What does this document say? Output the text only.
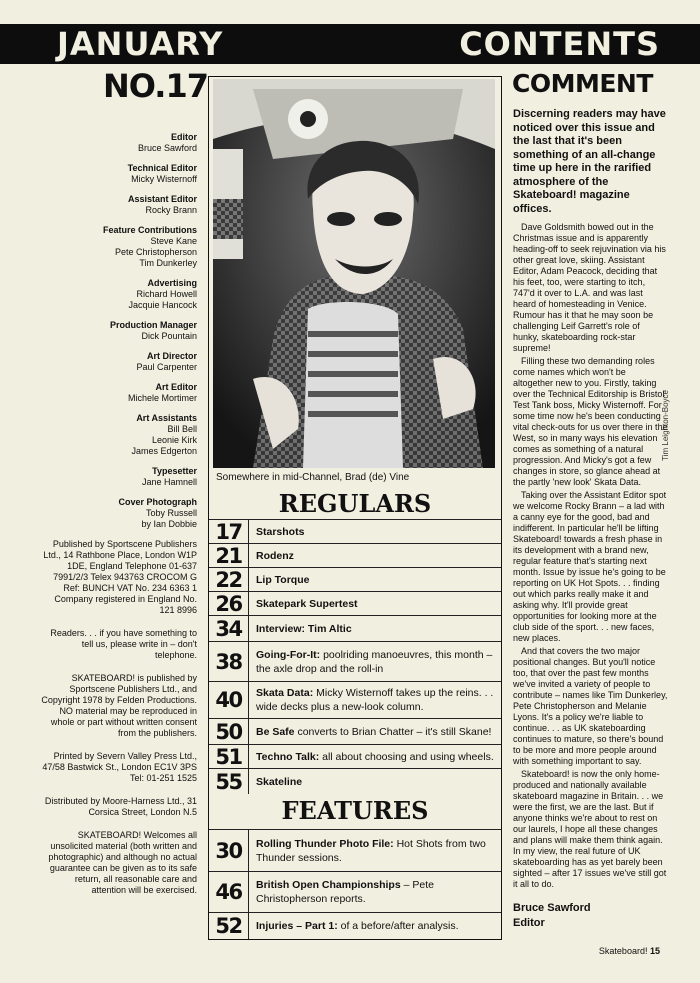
JANUARY	CONTENTS
NO.17	COMMENT
Editor
Bruce Sawford
Technical Editor
Micky Wisternoff
Assistant Editor
Rocky Brann
Feature Contributions
Steve Kane
Pete Christopherson
Tim Dunkerley
Advertising
Richard Howell
Jacquie Hancock
Production Manager
Dick Pountain
Art Director
Paul Carpenter
Art Editor
Michele Mortimer
Art Assistants
Bill Bell
Leonie Kirk
James Edgerton
Typesetter
Jane Hamnell
Cover Photograph
Toby Russell
by Ian Dobbie
Published by Sportscene Publishers Ltd., 14 Rathbone Place, London W1P 1DE, England Telephone 01-637 7991/2/3 Telex 943763 CROCOM G Ref: BUNCH VAT No. 234 6363 1 Company registered in England No. 121 8996
Readers. . . if you have something to tell us, please write in – don't telephone.
SKATEBOARD! is published by Sportscene Publishers Ltd., and Copyright 1978 by Felden Productions. NO material may be reproduced in whole or part without written consent from the publishers.
Printed by Severn Valley Press Ltd., 47/58 Bastwick St., London EC1V 3PS Tel: 01-251 1525
Distributed by Moore-Harness Ltd., 31 Corsica Street, London N.5
SKATEBOARD! Welcomes all unsolicited material (both written and photographic) and although no actual guarantee can be given as to its safe return, all reasonable care and attention will be exercised.
Somewhere in mid-Channel, Brad (de) Vine
Tim Leighton-Boyce
REGULARS
17	Starshots
21	Rodenz
22	Lip Torque
26	Skatepark Supertest
34	Interview: Tim Altic
38	Going-For-It: poolriding manoeuvres, this month – the axle drop and the roll-in
40	Skata Data: Micky Wisternoff takes up the reins. . . wide decks plus a new-look column.
50	Be Safe converts to Brian Chatter – it's still Skane!
51	Techno Talk: all about choosing and using wheels.
55	Skateline
FEATURES
30	Rolling Thunder Photo File: Hot Shots from two Thunder sessions.
46	British Open Championships – Pete Christopherson reports.
52	Injuries – Part 1: of a before/after analysis.
Discerning readers may have noticed over this issue and the last that it's been something of an all-change time up here in the rarified atmosphere of the Skateboard! magazine offices.

Dave Goldsmith bowed out in the Christmas issue and is apparently heading-off to seek rejuvination via his other great love, skiing. Assistant Editor, Adam Peacock, deciding that his feet, too, were starting to itch, 747'd it over to L.A. and was last heard of homesteading in Venice. Rumour has it that he may soon be challenging Leif Garrett's role of hunky, skateboarding rock-star supreme!

Filling these two demanding roles come names which won't be altogether new to you. Firstly, taking over the Technical Editorship is Bristol Test Tank boss, Micky Wisternoff. For some time now he's been conducting vital check-outs for us over there in the West, so in many ways his elevation comes as something of a natural progression. And Micky's got a few changes in store, so glance ahead at the partly 'new look' Skata Data.

Taking over the Assistant Editor spot we welcome Rocky Brann – a lad with a canny eye for the good, bad and indifferent. In particular he'll be lifting Skateboard! towards a fresh phase in its development with a brand new, regular feature that's starting next month. Issue by issue he's going to be reporting on UK Hot Spots. . . finding out which parks really make it and asking why. It'll provide great opportunities for looking more at the club side of the sport. . . new faces, new places.

And that covers the two major positional changes. But you'll notice too, that over the past few months we've invited a variety of people to contribute – names like Tim Dunkerley, Pete Christopherson and Melanie Lyons. It's a policy we're liable to continue. . . as UK skateboarding continues to mature, so there's bound to be more and more people around with something important to say.

Skateboard! is now the only home-produced and nationally available skateboard magazine in Britain. . . we were the first, we are the last. But if anyone thinks we're about to rest on our laurels, I hope all these changes and plans will make them think again. In my view, the real future of UK skateboarding has as yet barely been sighted – after 17 issues we've still got it all to do.

Bruce Sawford

Editor

Skateboard! 15
